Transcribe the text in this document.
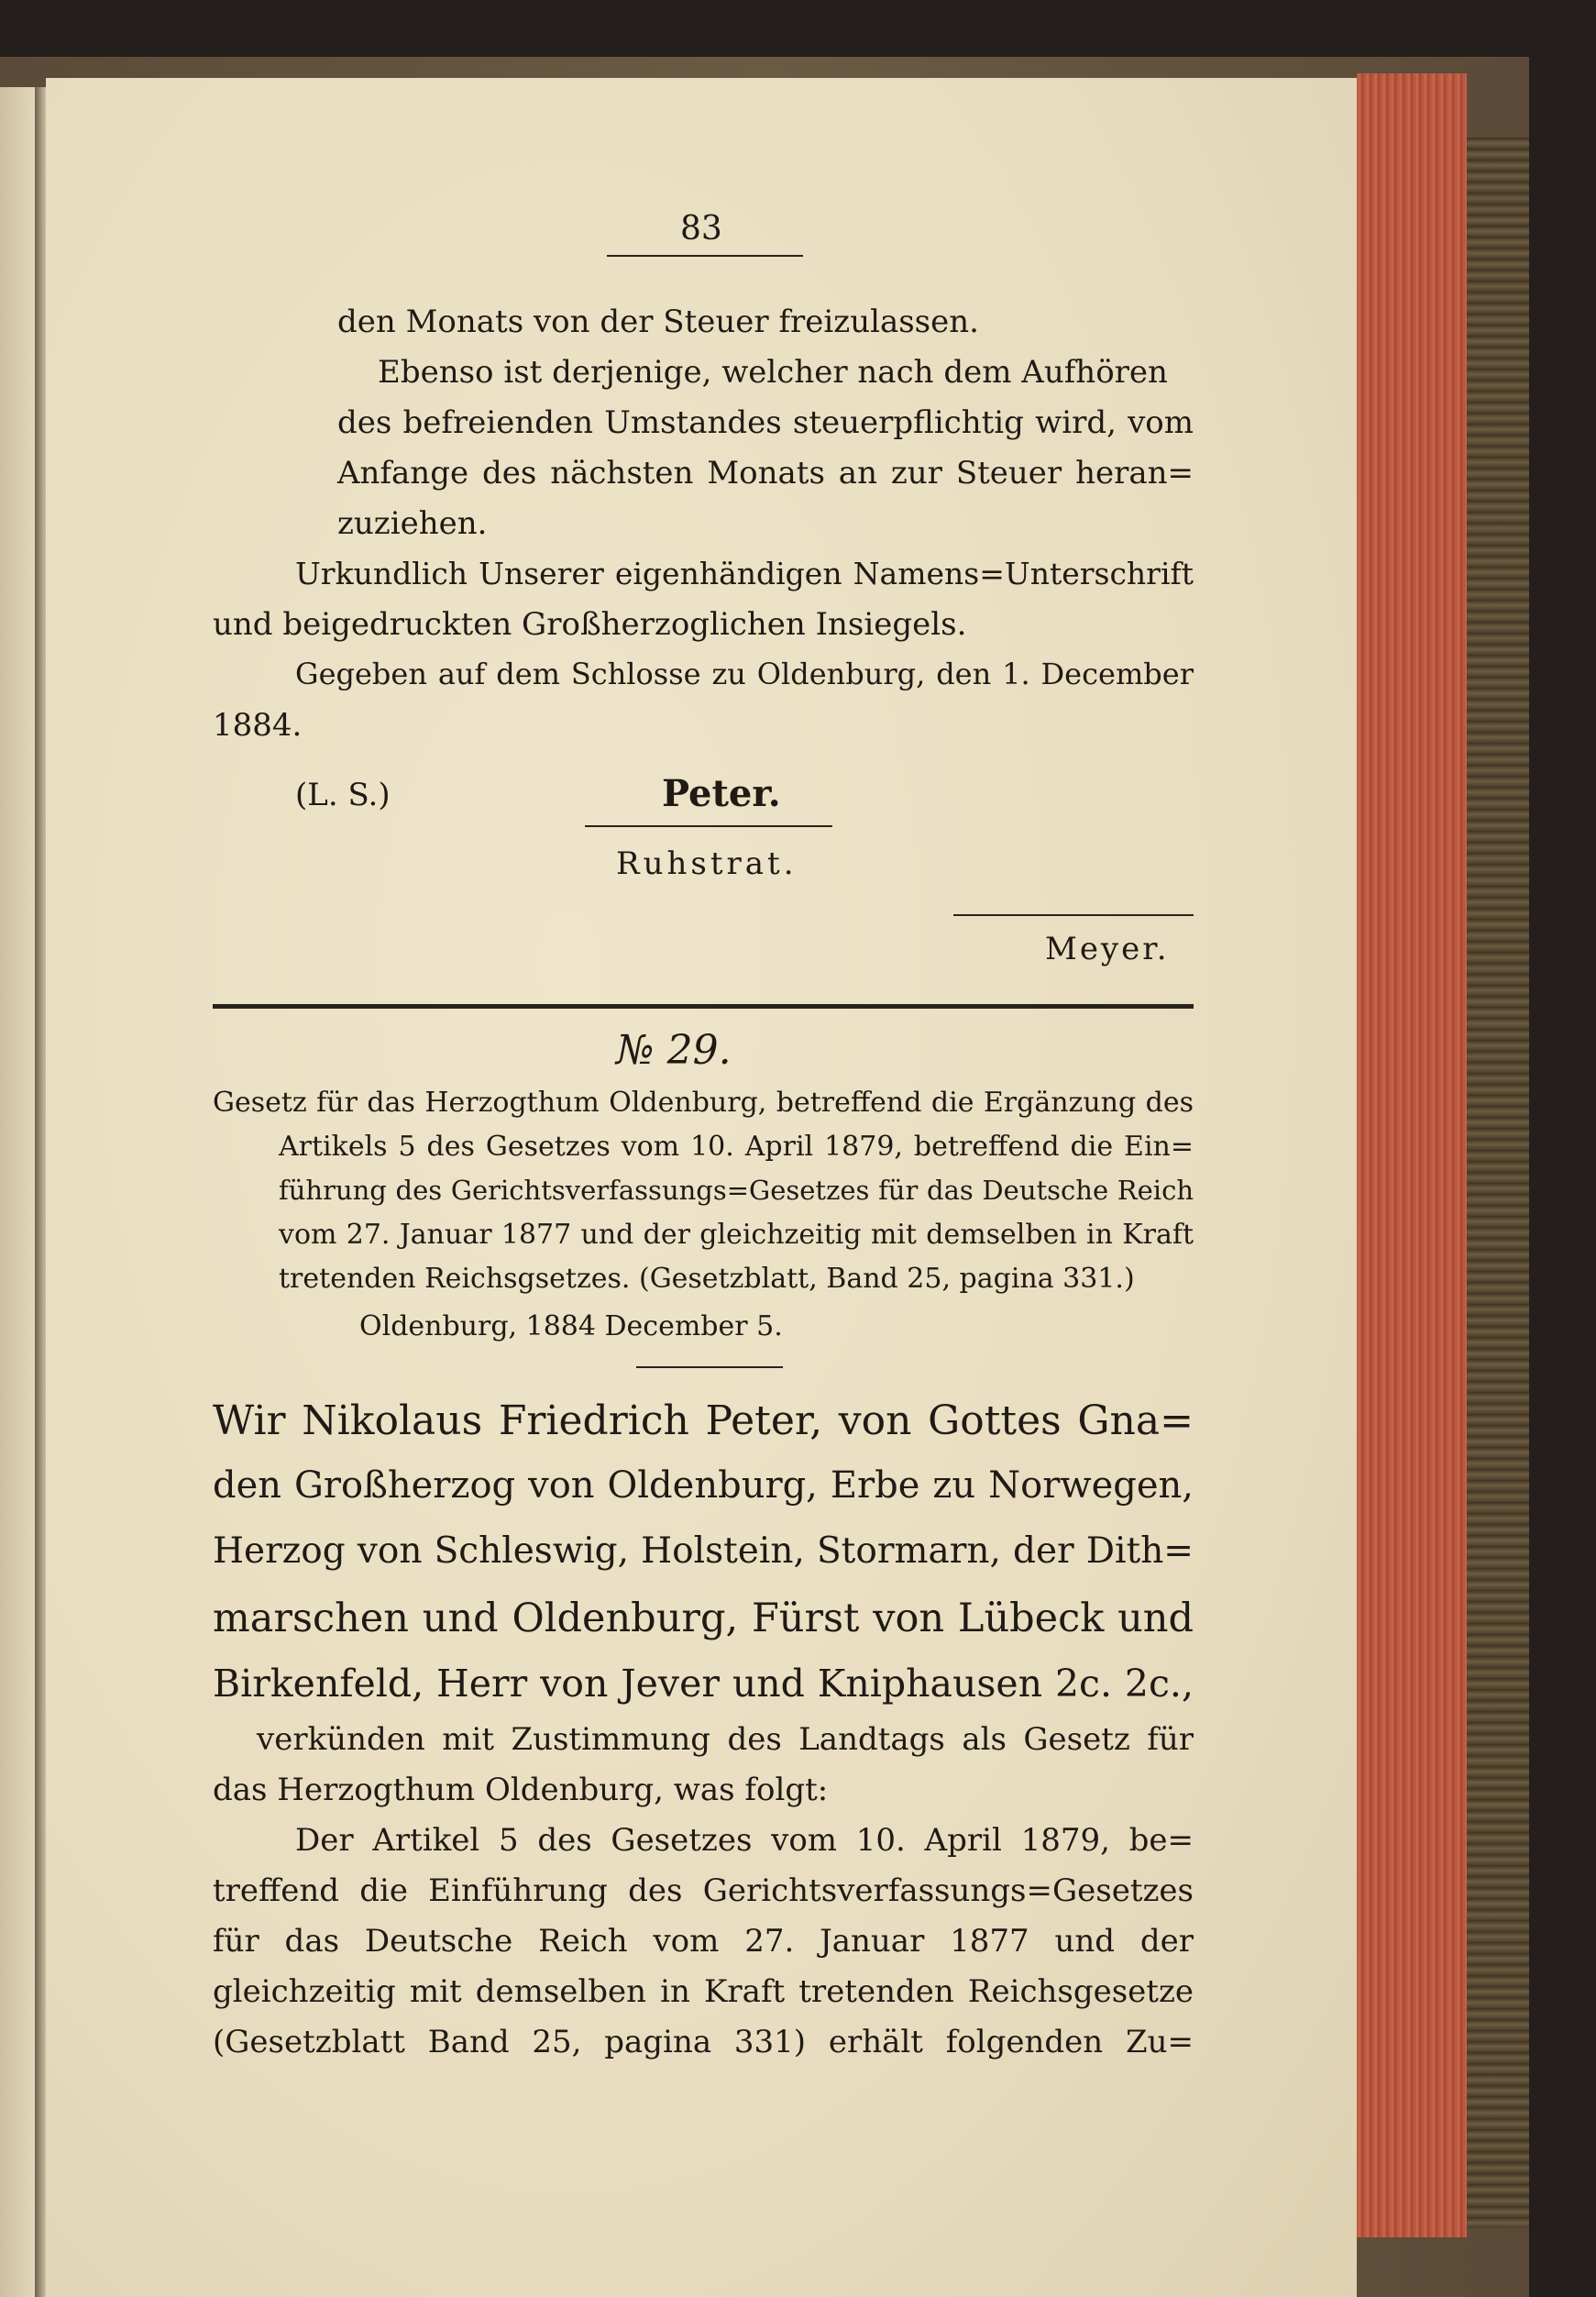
83
den Monats von der Steuer freizulassen.
Ebenso ist derjenige, welcher nach dem Aufhören
des befreienden Umstandes steuerpflichtig wird, vom
Anfange des nächsten Monats an zur Steuer heran=
zuziehen.
Urkundlich Unserer eigenhändigen Namens=Unterschrift
und beigedruckten Großherzoglichen Insiegels.
Gegeben auf dem Schlosse zu Oldenburg, den 1. December
1884.
(L. S.)	Peter.
Ruhstrat.
Meyer.
№ 29.
Gesetz für das Herzogthum Oldenburg, betreffend die Ergänzung des
Artikels 5 des Gesetzes vom 10. April 1879, betreffend die Ein=
führung des Gerichtsverfassungs=Gesetzes für das Deutsche Reich
vom 27. Januar 1877 und der gleichzeitig mit demselben in Kraft
tretenden Reichsgsetzes. (Gesetzblatt, Band 25, pagina 331.)
Oldenburg, 1884 December 5.
Wir Nikolaus Friedrich Peter, von Gottes Gna=
den Großherzog von Oldenburg, Erbe zu Norwegen,
Herzog von Schleswig, Holstein, Stormarn, der Dith=
marschen und Oldenburg, Fürst von Lübeck und
Birkenfeld, Herr von Jever und Kniphausen 2c. 2c.,
verkünden mit Zustimmung des Landtags als Gesetz für
das Herzogthum Oldenburg, was folgt:
Der Artikel 5 des Gesetzes vom 10. April 1879, be=
treffend die Einführung des Gerichtsverfassungs=Gesetzes
für das Deutsche Reich vom 27. Januar 1877 und der
gleichzeitig mit demselben in Kraft tretenden Reichsgesetze
(Gesetzblatt Band 25, pagina 331) erhält folgenden Zu=
